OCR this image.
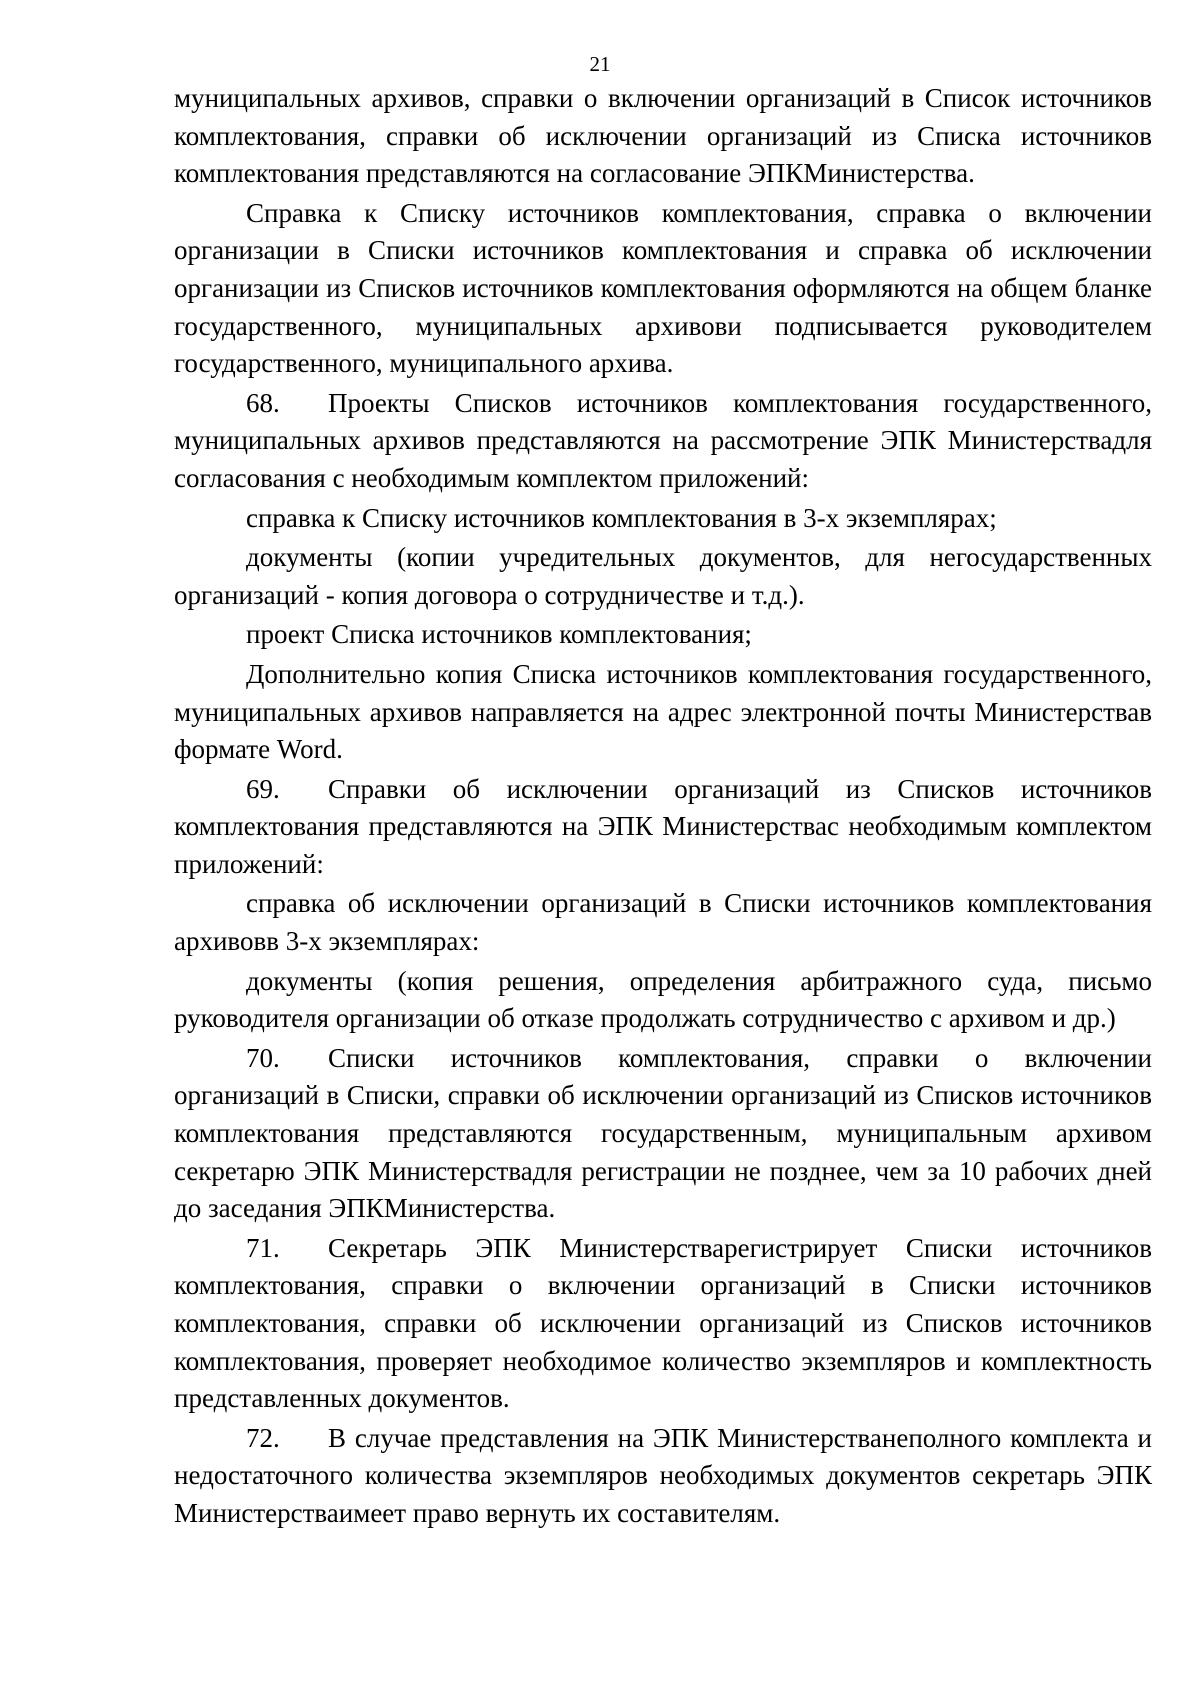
21

муниципальных архивов, справки о включении организаций в Список источников комплектования, справки об исключении организаций из Списка источников комплектования представляются на согласование ЭПКМинистерства.

Справка к Списку источников комплектования, справка о включении организации в Списки источников комплектования и справка об исключении организации из Списков источников комплектования оформляются на общем бланке государственного, муниципальных архивови подписывается руководителем государственного, муниципального архива.

68. Проекты Списков источников комплектования государственного, муниципальных архивов представляются на рассмотрение ЭПК Министерствадля согласования с необходимым комплектом приложений:

справка к Списку источников комплектования в 3-х экземплярах;

документы (копии учредительных документов, для негосударственных организаций - копия договора о сотрудничестве и т.д.).

проект Списка источников комплектования;

Дополнительно копия Списка источников комплектования государственного, муниципальных архивов направляется на адрес электронной почты Министерствав формате Word.

69. Справки об исключении организаций из Списков источников комплектования представляются на ЭПК Министерствас необходимым комплектом приложений:

справка об исключении организаций в Списки источников комплектования архивовв 3-х экземплярах:

документы (копия решения, определения арбитражного суда, письмо руководителя организации об отказе продолжать сотрудничество с архивом и др.)

70. Списки источников комплектования, справки о включении организаций в Списки, справки об исключении организаций из Списков источников комплектования представляются государственным, муниципальным архивом секретарю ЭПК Министерствадля регистрации не позднее, чем за 10 рабочих дней до заседания ЭПКМинистерства.

71. Секретарь ЭПК Министерстварегистрирует Списки источников комплектования, справки о включении организаций в Списки источников комплектования, справки об исключении организаций из Списков источников комплектования, проверяет необходимое количество экземпляров и комплектность представленных документов.

72. В случае представления на ЭПК Министерстванеполного комплекта и недостаточного количества экземпляров необходимых документов секретарь ЭПК Министерстваимеет право вернуть их составителям.
